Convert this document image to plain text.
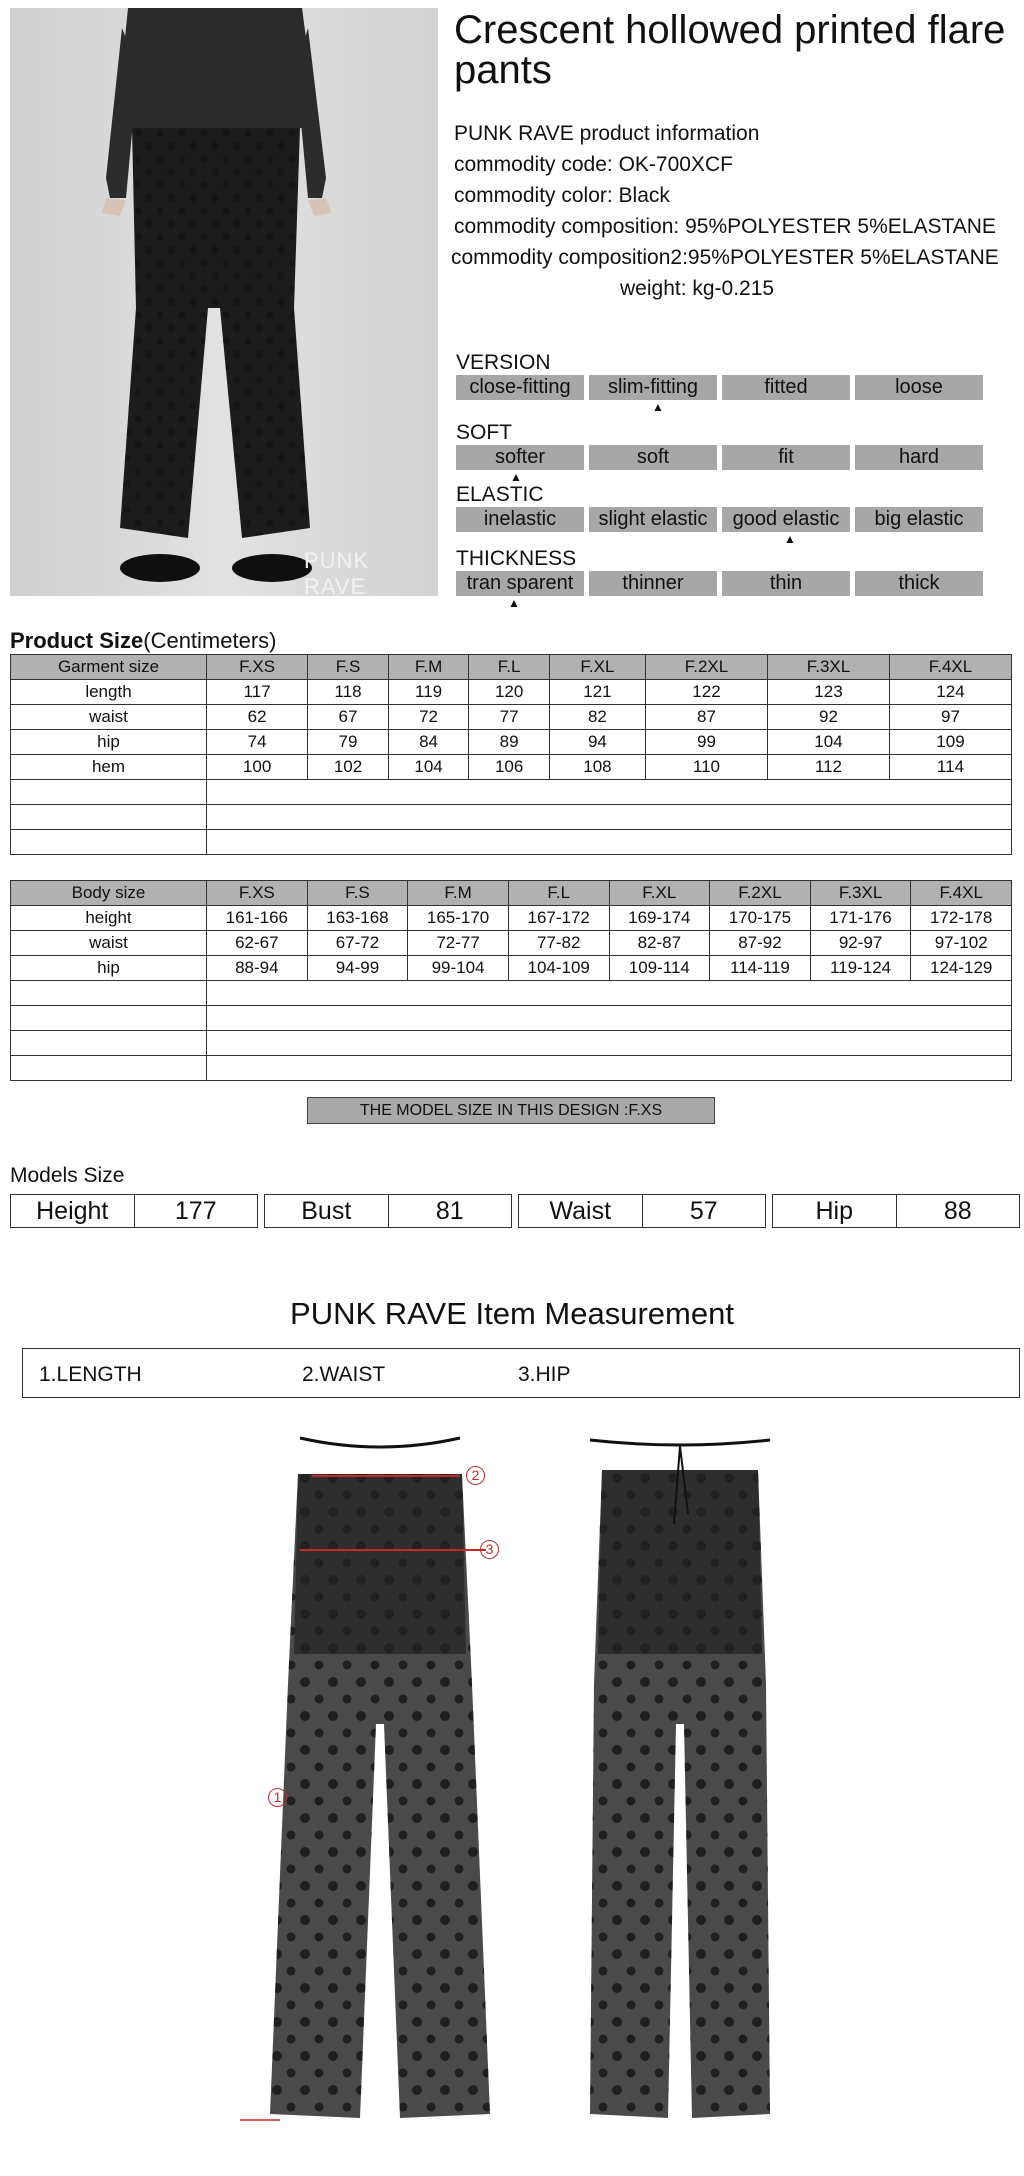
PUNK RAVE
Crescent hollowed printed flare pants
PUNK RAVE product information
commodity code: OK-700XCF
commodity color: Black
commodity composition: 95%POLYESTER 5%ELASTANE
commodity composition2:95%POLYESTER 5%ELASTANE
weight: kg-0.215
VERSION
close-fitting	slim-fitting	fitted	loose
▲
SOFT
softer	soft	fit	hard
▲
ELASTIC
inelastic	slight elastic	good elastic	big elastic
▲
THICKNESS
tran sparent	thinner	thin	thick
▲
Product Size(Centimeters)
Garment size	F.XS	F.S	F.M	F.L	F.XL	F.2XL	F.3XL	F.4XL
length	117	118	119	120	121	122	123	124
waist	62	67	72	77	82	87	92	97
hip	74	79	84	89	94	99	104	109
hem	100	102	104	106	108	110	112	114

Body size	F.XS	F.S	F.M	F.L	F.XL	F.2XL	F.3XL	F.4XL
height	161-166	163-168	165-170	167-172	169-174	170-175	171-176	172-178
waist	62-67	67-72	72-77	77-82	82-87	87-92	92-97	97-102
hip	88-94	94-99	99-104	104-109	109-114	114-119	119-124	124-129

THE MODEL SIZE IN THIS DESIGN :F.XS
Models Size
Height	177	Bust	81	Waist	57	Hip	88
PUNK RAVE Item Measurement
1.LENGTH	2.WAIST	3.HIP
2
3
1
